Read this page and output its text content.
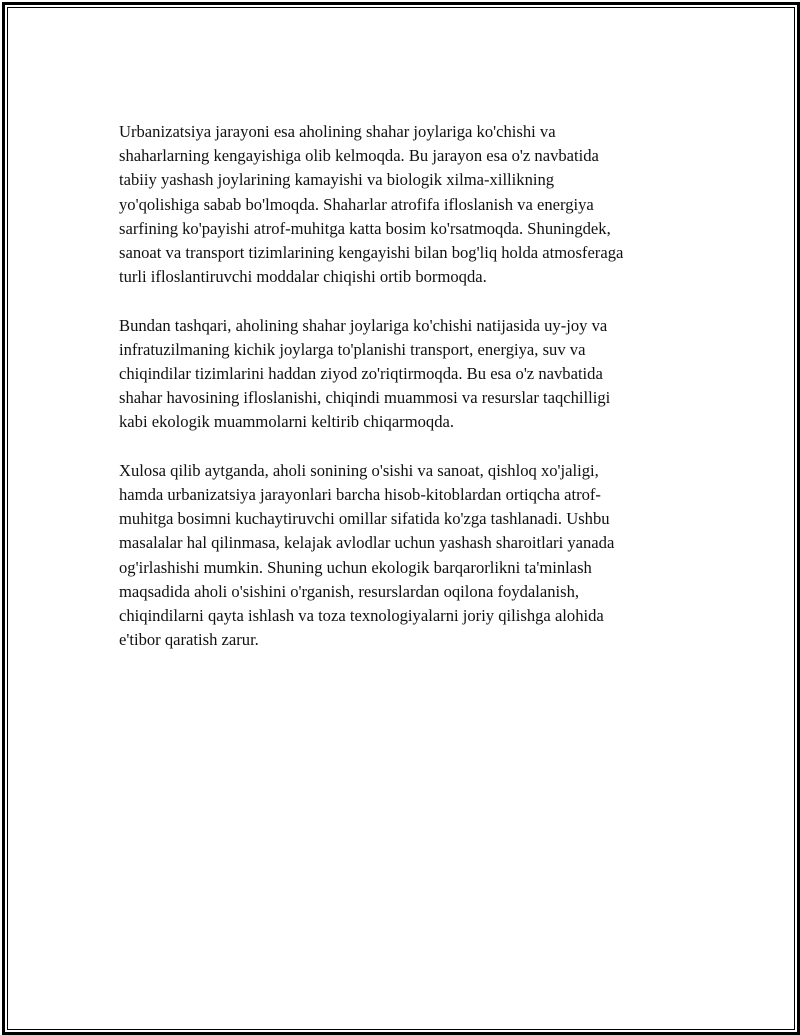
Urbanizatsiya jarayoni esa aholining shahar joylariga ko'chishi va
shaharlarning kengayishiga olib kelmoqda. Bu jarayon esa o'z navbatida
tabiiy yashash joylarining kamayishi va biologik xilma-xillikning
yo'qolishiga sabab bo'lmoqda. Shaharlar atrofifa ifloslanish va energiya
sarfining ko'payishi atrof-muhitga katta bosim ko'rsatmoqda. Shuningdek,
sanoat va transport tizimlarining kengayishi bilan bog'liq holda atmosferaga
turli ifloslantiruvchi moddalar chiqishi ortib bormoqda.

Bundan tashqari, aholining shahar joylariga ko'chishi natijasida uy-joy va
infratuzilmaning kichik joylarga to'planishi transport, energiya, suv va
chiqindilar tizimlarini haddan ziyod zo'riqtirmoqda. Bu esa o'z navbatida
shahar havosining ifloslanishi, chiqindi muammosi va resurslar taqchilligi
kabi ekologik muammolarni keltirib chiqarmoqda.

Xulosa qilib aytganda, aholi sonining o'sishi va sanoat, qishloq xo'jaligi,
hamda urbanizatsiya jarayonlari barcha hisob-kitoblardan ortiqcha atrof-
muhitga bosimni kuchaytiruvchi omillar sifatida ko'zga tashlanadi. Ushbu
masalalar hal qilinmasa, kelajak avlodlar uchun yashash sharoitlari yanada
og'irlashishi mumkin. Shuning uchun ekologik barqarorlikni ta'minlash
maqsadida aholi o'sishini o'rganish, resurslardan oqilona foydalanish,
chiqindilarni qayta ishlash va toza texnologiyalarni joriy qilishga alohida
e'tibor qaratish zarur.
